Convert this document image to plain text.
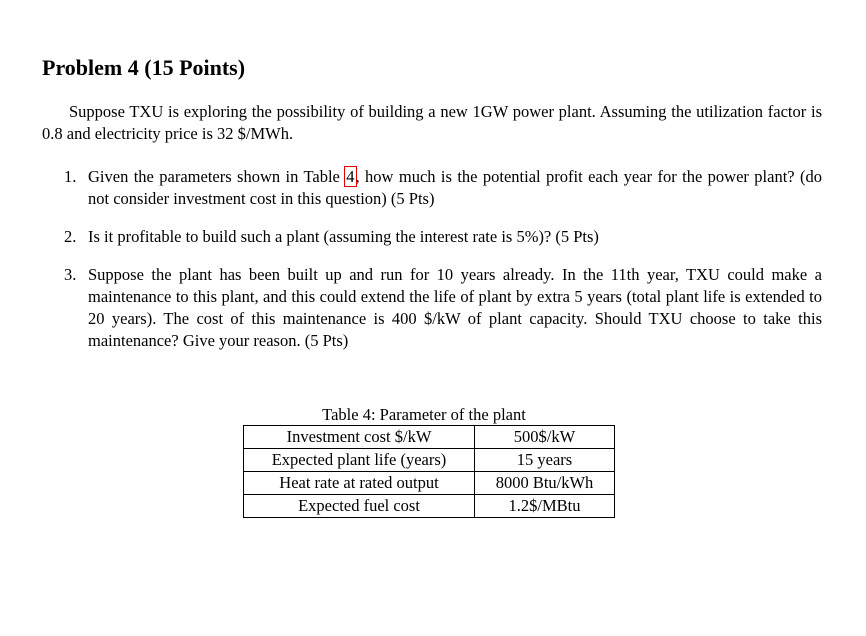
Problem 4 (15 Points)

Suppose TXU is exploring the possibility of building a new 1GW power plant. Assuming the utilization factor is 0.8 and electricity price is 32 $/MWh.

1. Given the parameters shown in Table 4, how much is the potential profit each year for the power plant? (do not consider investment cost in this question) (5 Pts)
2. Is it profitable to build such a plant (assuming the interest rate is 5%)? (5 Pts)
3. Suppose the plant has been built up and run for 10 years already. In the 11th year, TXU could make a maintenance to this plant, and this could extend the life of plant by extra 5 years (total plant life is extended to 20 years). The cost of this maintenance is 400 $/kW of plant capacity. Should TXU choose to take this maintenance? Give your reason. (5 Pts)
Table 4: Parameter of the plant
Investment cost $/kW	500$/kW
Expected plant life (years)	15 years
Heat rate at rated output	8000 Btu/kWh
Expected fuel cost	1.2$/MBtu
